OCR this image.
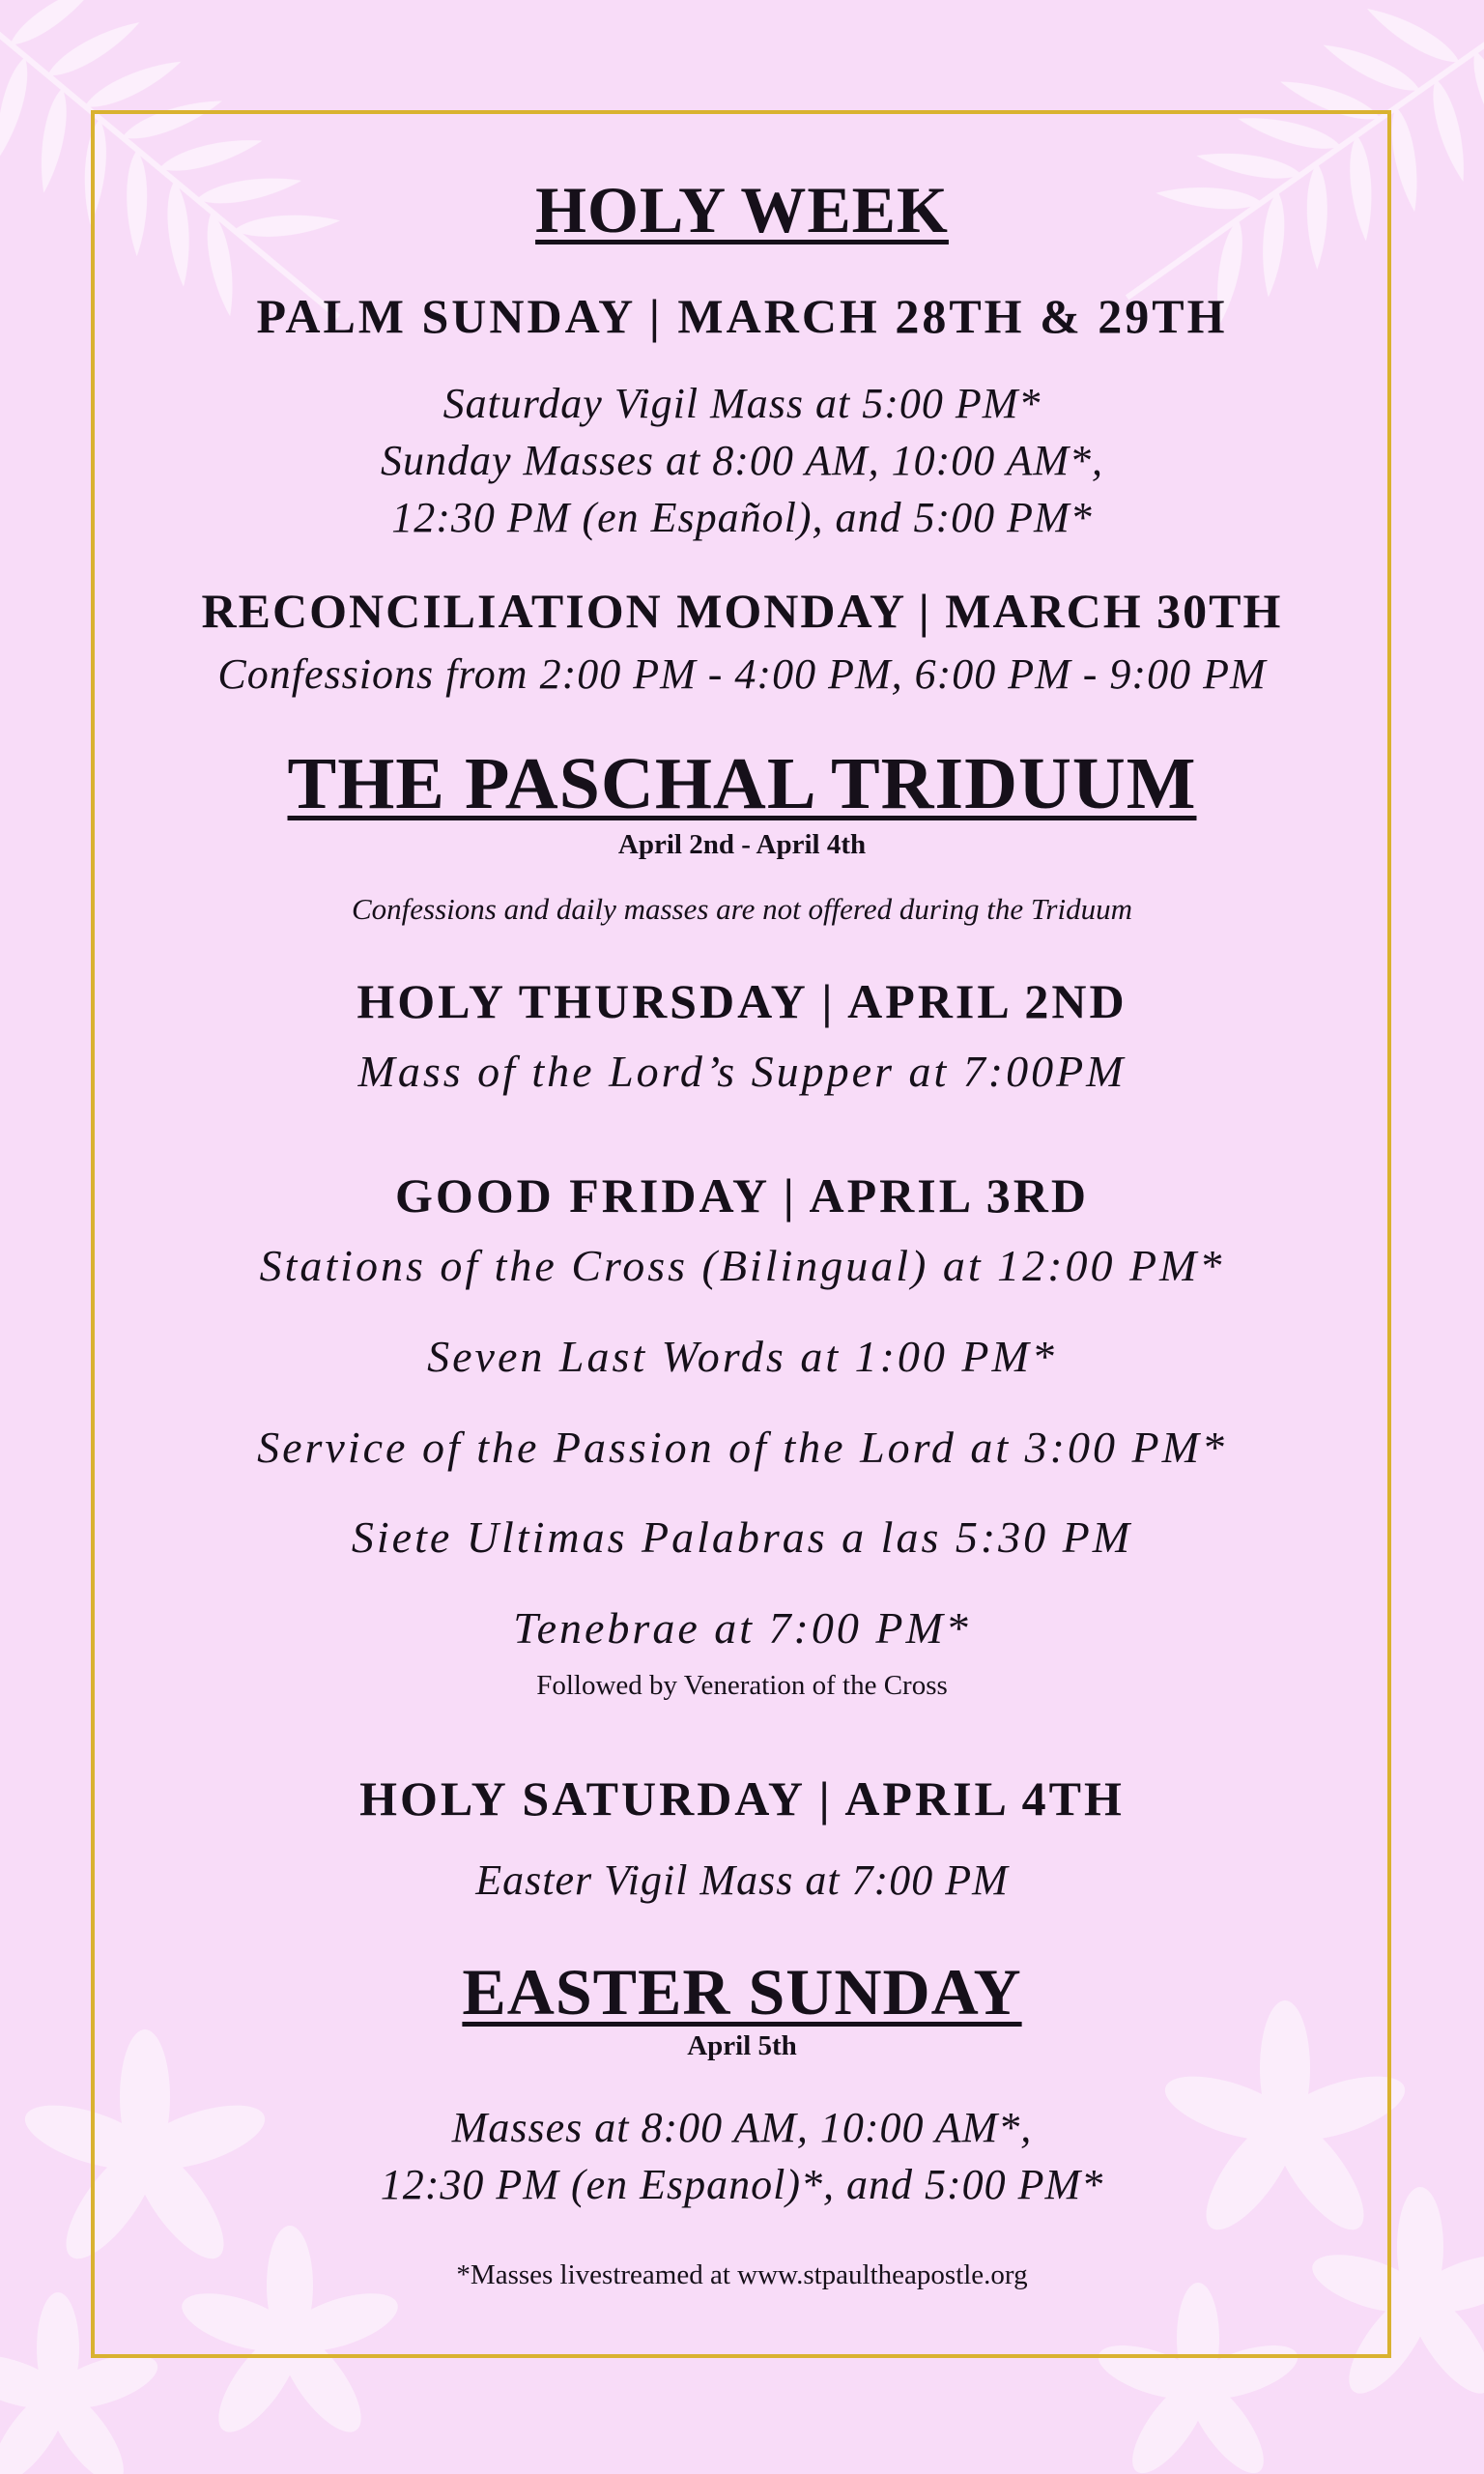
HOLY WEEK
PALM SUNDAY | MARCH 28TH & 29TH
Saturday Vigil Mass at 5:00 PM*
Sunday Masses at 8:00 AM, 10:00 AM*,
12:30 PM (en Español), and 5:00 PM*
RECONCILIATION MONDAY | MARCH 30TH
Confessions from 2:00 PM - 4:00 PM, 6:00 PM - 9:00 PM
THE PASCHAL TRIDUUM
April 2nd - April 4th
Confessions and daily masses are not offered during the Triduum
HOLY THURSDAY | APRIL 2ND
Mass of the Lord’s Supper at 7:00PM
GOOD FRIDAY | APRIL 3RD
Stations of the Cross (Bilingual) at 12:00 PM*
Seven Last Words at 1:00 PM*
Service of the Passion of the Lord at 3:00 PM*
Siete Ultimas Palabras a las 5:30 PM
Tenebrae at 7:00 PM*
Followed by Veneration of the Cross
HOLY SATURDAY | APRIL 4TH
Easter Vigil Mass at 7:00 PM
EASTER SUNDAY
April 5th
Masses at 8:00 AM, 10:00 AM*,
12:30 PM (en Espanol)*, and 5:00 PM*
*Masses livestreamed at www.stpaultheapostle.org
